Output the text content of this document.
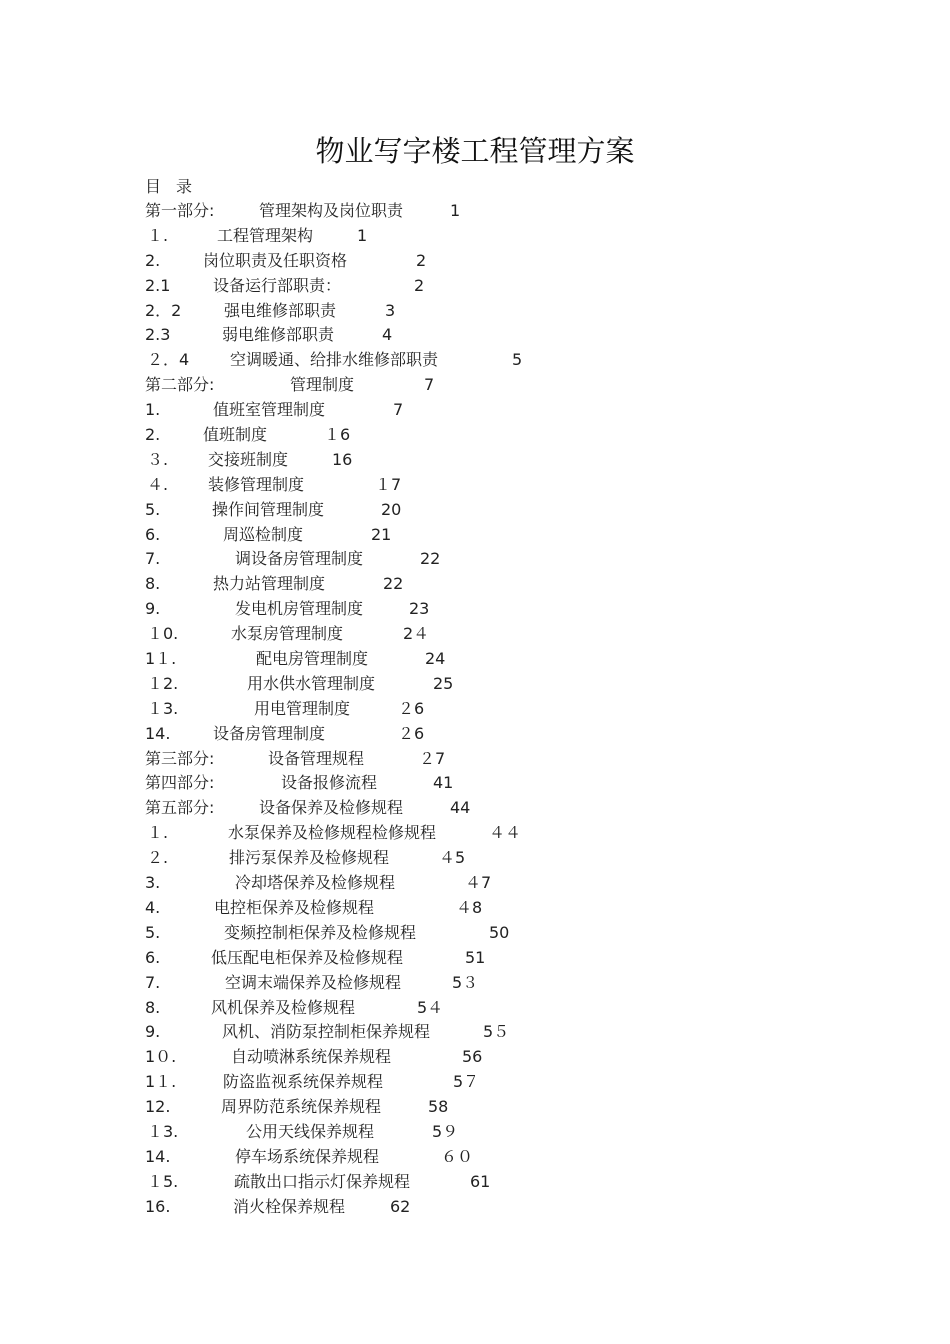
物业写字楼工程管理方案
目 录
第一部分:	管理架构及岗位职责	1
１.	工程管理架构	1
2.	岗位职责及任职资格	2
2.1	设备运行部职责：	2
2．2	强电维修部职责	3
2.3	弱电维修部职责	4
２．4	空调暖通、给排水维修部职责	5
第二部分:	管理制度	7
1.	值班室管理制度	7
2.	值班制度	１6
３. 交接班制度	16
４. 装修管理制度	１7
5.	操作间管理制度	20
6.	周巡检制度	21
7.	调设备房管理制度	22
8.	热力站管理制度	22
9.	发电机房管理制度	23
１0.	水泵房管理制度	2４
1１.	配电房管理制度	24
１2.	用水供水管理制度	25
１3.	用电管理制度	２6
14.	设备房管理制度	２6
第三部分:	设备管理规程	２7
第四部分:	设备报修流程	41
第五部分:	设备保养及检修规程	44
１.	水泵保养及检修规程检修规程	４４
２.	排污泵保养及检修规程	４5
3.	冷却塔保养及检修规程	４7
4.	电控柜保养及检修规程	４8
5.	变频控制柜保养及检修规程	50
6.	低压配电柜保养及检修规程	51
7.	空调末端保养及检修规程	5３
8.	风机保养及检修规程	5４
9.	风机、消防泵控制柜保养规程	5５
1０.	自动喷淋系统保养规程	56
1１.	防盗监视系统保养规程	5７
12.	周界防范系统保养规程	58
１3.	公用天线保养规程	5９
14.	停车场系统保养规程	６０
１5.	疏散出口指示灯保养规程	61
16.	消火栓保养规程	62
